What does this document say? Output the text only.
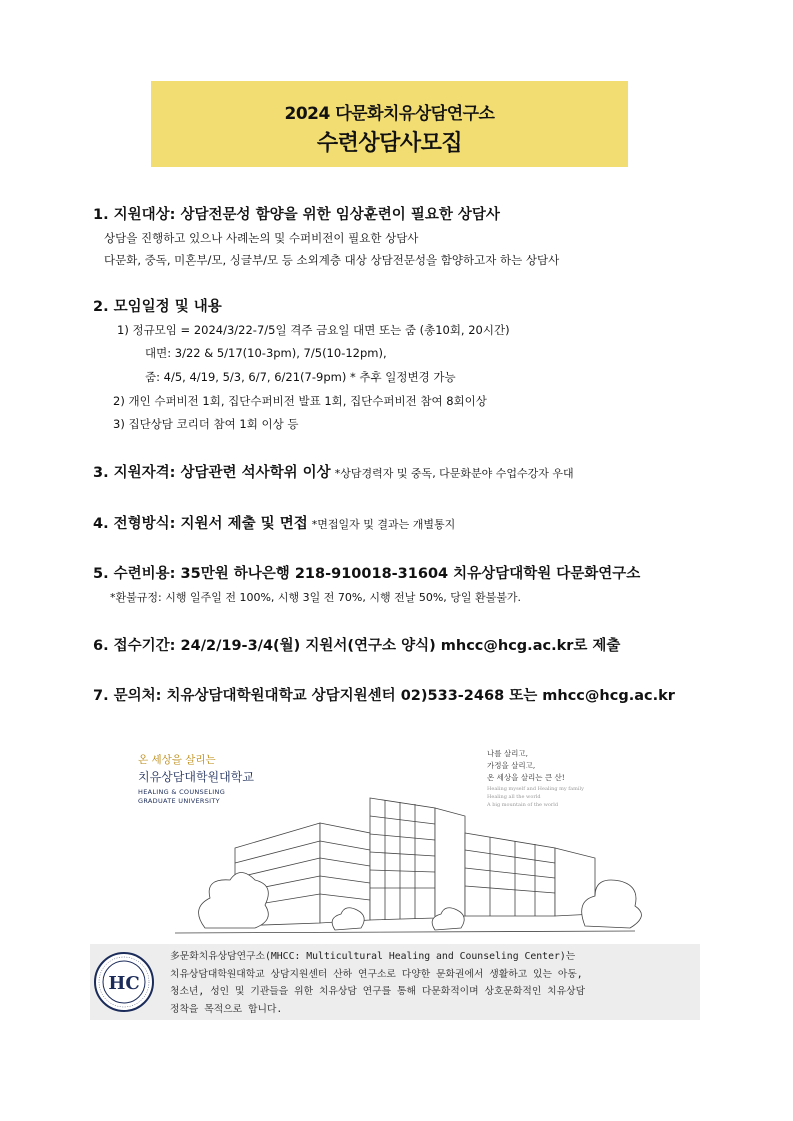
2024 다문화치유상담연구소
수련상담사모집
1. 지원대상: 상담전문성 함양을 위한 임상훈련이 필요한 상담사
상담을 진행하고 있으나 사례논의 및 수퍼비전이 필요한 상담사
다문화, 중독, 미혼부/모, 싱글부/모 등 소외계층 대상 상담전문성을 함양하고자 하는 상담사
2. 모임일정 및 내용
1) 정규모임 = 2024/3/22-7/5일 격주 금요일 대면 또는 줌 (총10회, 20시간)
대면: 3/22 & 5/17(10-3pm), 7/5(10-12pm),
줌: 4/5, 4/19, 5/3, 6/7, 6/21(7-9pm) * 추후 일정변경 가능
2) 개인 수퍼비전 1회, 집단수퍼비전 발표 1회, 집단수퍼비전 참여 8회이상
3) 집단상담 코리더 참여 1회 이상 등
3. 지원자격: 상담관련 석사학위 이상 *상담경력자 및 중독, 다문화분야 수업수강자 우대
4. 전형방식: 지원서 제출 및 면접 *면접일자 및 결과는 개별통지
5. 수련비용: 35만원 하나은행 218-910018-31604 치유상담대학원 다문화연구소
*환불규정: 시행 일주일 전 100%, 시행 3일 전 70%, 시행 전날 50%, 당일 환불불가.
6. 접수기간: 24/2/19-3/4(월) 지원서(연구소 양식) mhcc@hcg.ac.kr로 제출
7. 문의처: 치유상담대학원대학교 상담지원센터 02)533-2468 또는 mhcc@hcg.ac.kr
온 세상을 살리는
치유상담대학원대학교
HEALING & COUNSELING
GRADUATE UNIVERSITY
나를 살리고,
가정을 살리고,
온 세상을 살리는 큰 산!
Healing myself and Healing my family
Healing all the world
A big mountain of the world
HC
多문화치유상담연구소(MHCC: Multicultural Healing and Counseling Center)는
치유상담대학원대학교 상담지원센터 산하 연구소로 다양한 문화권에서 생활하고 있는 아동,
청소년, 성인 및 기관들을 위한 치유상담 연구를 통해 다문화적이며 상호문화적인 치유상담
정착을 목적으로 합니다.
